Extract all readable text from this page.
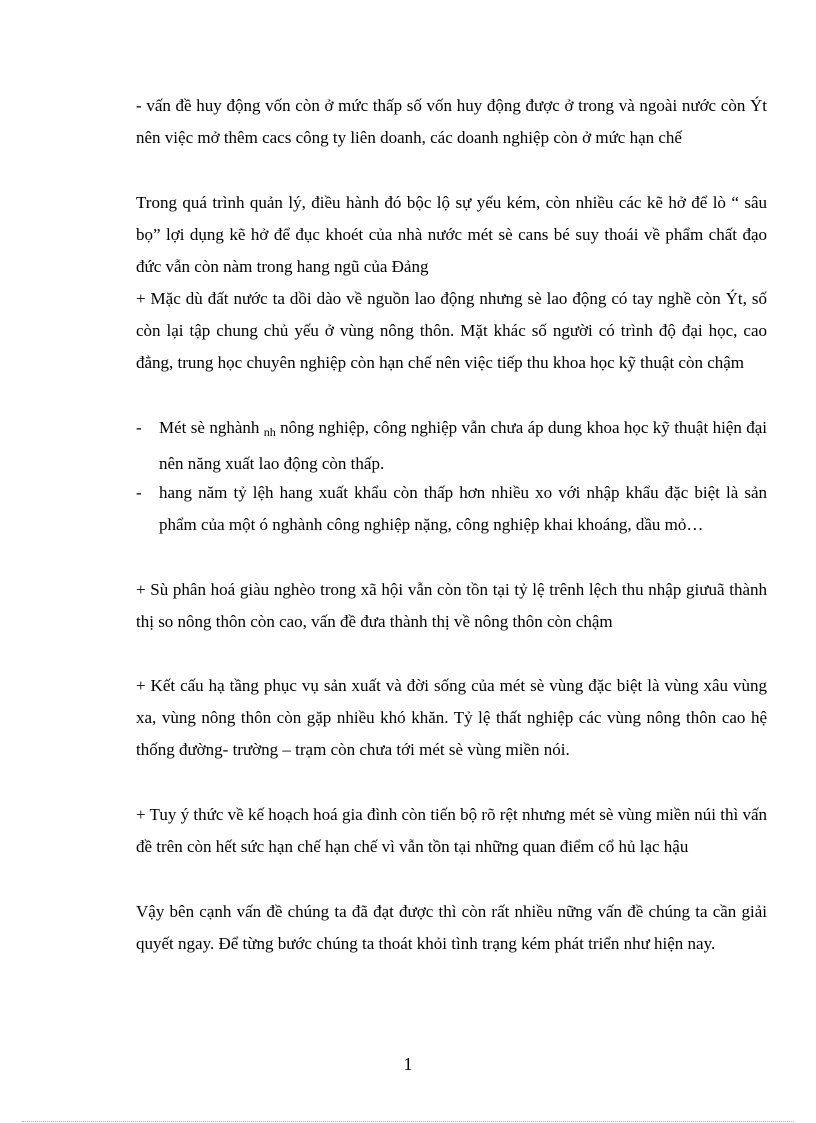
- vấn đề huy động vốn còn ở mức thấp số vốn huy động được ở trong và ngoài nước còn Ýt nên việc mở thêm cacs công ty liên doanh, các doanh nghiệp còn ở mức hạn chế

Trong quá trình quản lý, điều hành đó bộc lộ sự yếu kém, còn nhiều các kẽ hở để lò “ sâu bọ” lợi dụng kẽ hở để đục khoét của nhà nước mét sè cans bé suy thoái về phẩm chất đạo đức vẫn còn nàm trong hang ngũ của Đảng

+ Mặc dù đất nước ta dồi dào về nguồn lao động nhưng sè lao động có tay nghề còn Ýt, số còn lại tập chung chủ yếu ở vùng nông thôn. Mặt khác số người có trình độ đại học, cao đẳng, trung học chuyên nghiệp còn hạn chế nên việc tiếp thu khoa học kỹ thuật còn chậm

- Mét sè nghành $_{nh}$ nông nghiệp, công nghiệp vẫn chưa áp dung khoa học kỹ thuật hiện đại nên năng xuất lao động còn thấp.

- hang năm tỷ lệh hang xuất khẩu còn thấp hơn nhiều xo với nhập khẩu đặc biệt là sản phẩm của một ó nghành công nghiệp nặng, công nghiệp khai khoáng, dầu mỏ…

+ Sù phân hoá giàu nghèo trong xã hội vẫn còn tồn tại tỷ lệ trênh lệch thu nhập giưuã thành thị so nông thôn còn cao, vấn đề đưa thành thị về nông thôn còn chậm

+ Kết cấu hạ tầng phục vụ sản xuất và đời sống của mét sè vùng đặc biệt là vùng xâu vùng xa, vùng nông thôn còn gặp nhiều khó khăn. Tỷ lệ thất nghiệp các vùng nông thôn cao hệ thống đường- trường – trạm còn chưa tới mét sè vùng miền nói.

+ Tuy ý thức về kế hoạch hoá gia đình còn tiến bộ rõ rệt nhưng mét sè vùng miền núi thì vấn đề trên còn hết sức hạn chế hạn chế vì vẫn tồn tại những quan điểm cổ hủ lạc hậu

Vậy bên cạnh vấn đề chúng ta đã đạt được thì còn rất nhiều nững vấn đề chúng ta cần giải quyết ngay. Để từng bước chúng ta thoát khỏi tình trạng kém phát triển như hiện nay.

1
